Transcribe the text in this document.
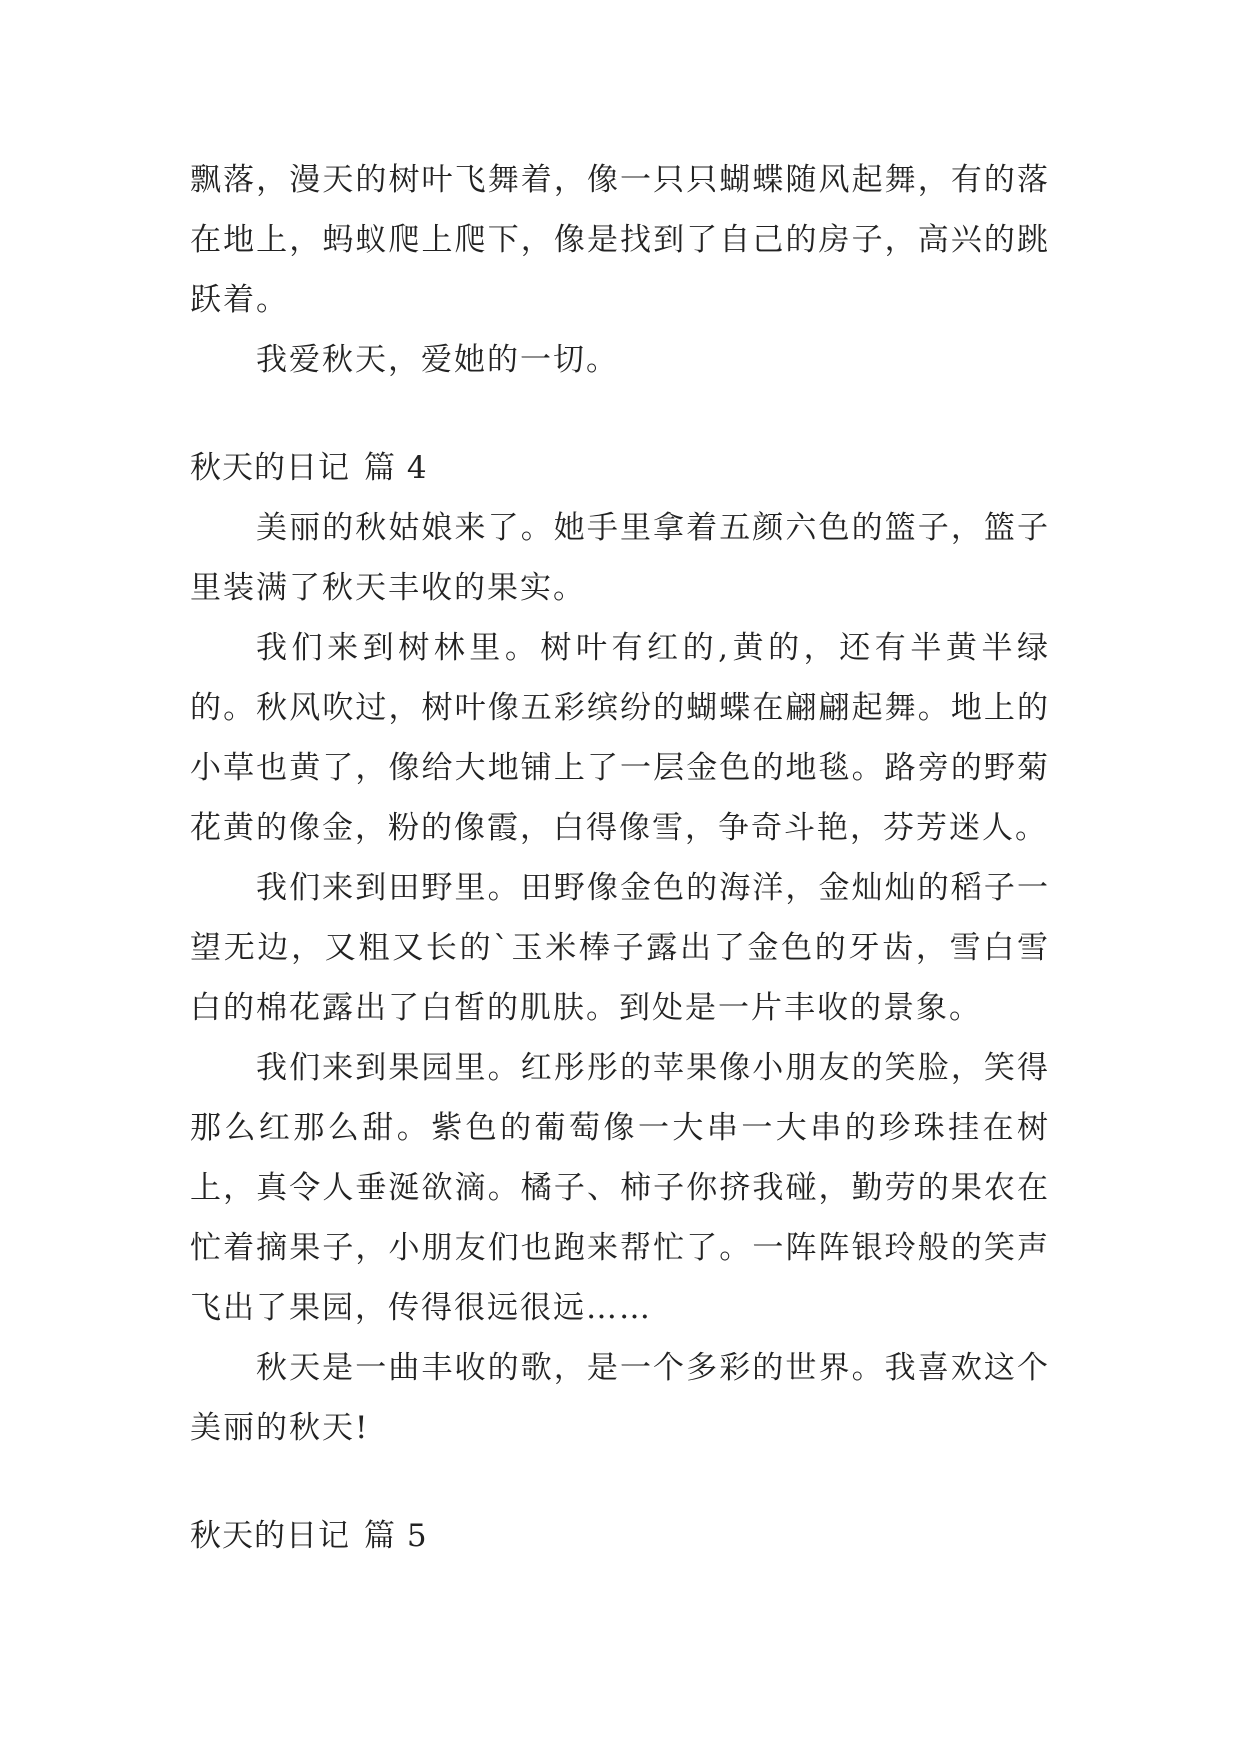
飘落，漫天的树叶飞舞着，像一只只蝴蝶随风起舞，有的落在地上，蚂蚁爬上爬下，像是找到了自己的房子，高兴的跳跃着。

我爱秋天，爱她的一切。

秋天的日记 篇 4

美丽的秋姑娘来了。她手里拿着五颜六色的篮子，篮子里装满了秋天丰收的果实。

我们来到树林里。树叶有红的,黄的，还有半黄半绿的。秋风吹过，树叶像五彩缤纷的蝴蝶在翩翩起舞。地上的小草也黄了，像给大地铺上了一层金色的地毯。路旁的野菊花黄的像金，粉的像霞，白得像雪，争奇斗艳，芬芳迷人。

我们来到田野里。田野像金色的海洋，金灿灿的稻子一望无边，又粗又长的`玉米棒子露出了金色的牙齿，雪白雪白的棉花露出了白皙的肌肤。到处是一片丰收的景象。

我们来到果园里。红彤彤的苹果像小朋友的笑脸，笑得那么红那么甜。紫色的葡萄像一大串一大串的珍珠挂在树上，真令人垂涎欲滴。橘子、柿子你挤我碰，勤劳的果农在忙着摘果子，小朋友们也跑来帮忙了。一阵阵银玲般的笑声飞出了果园，传得很远很远……

秋天是一曲丰收的歌，是一个多彩的世界。我喜欢这个美丽的秋天!

秋天的日记 篇 5
